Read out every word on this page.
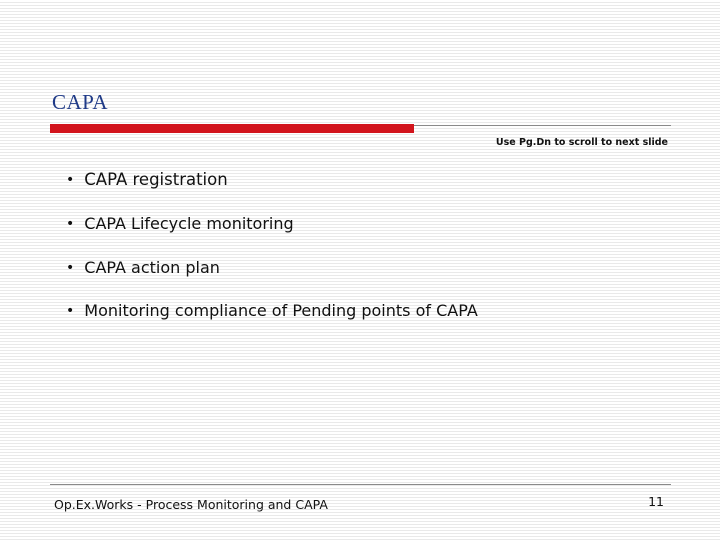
CAPA
Use Pg.Dn to scroll to next slide
• CAPA registration
• CAPA Lifecycle monitoring
• CAPA action plan
• Monitoring compliance of Pending points of CAPA
Op.Ex.Works - Process Monitoring and CAPA	11
